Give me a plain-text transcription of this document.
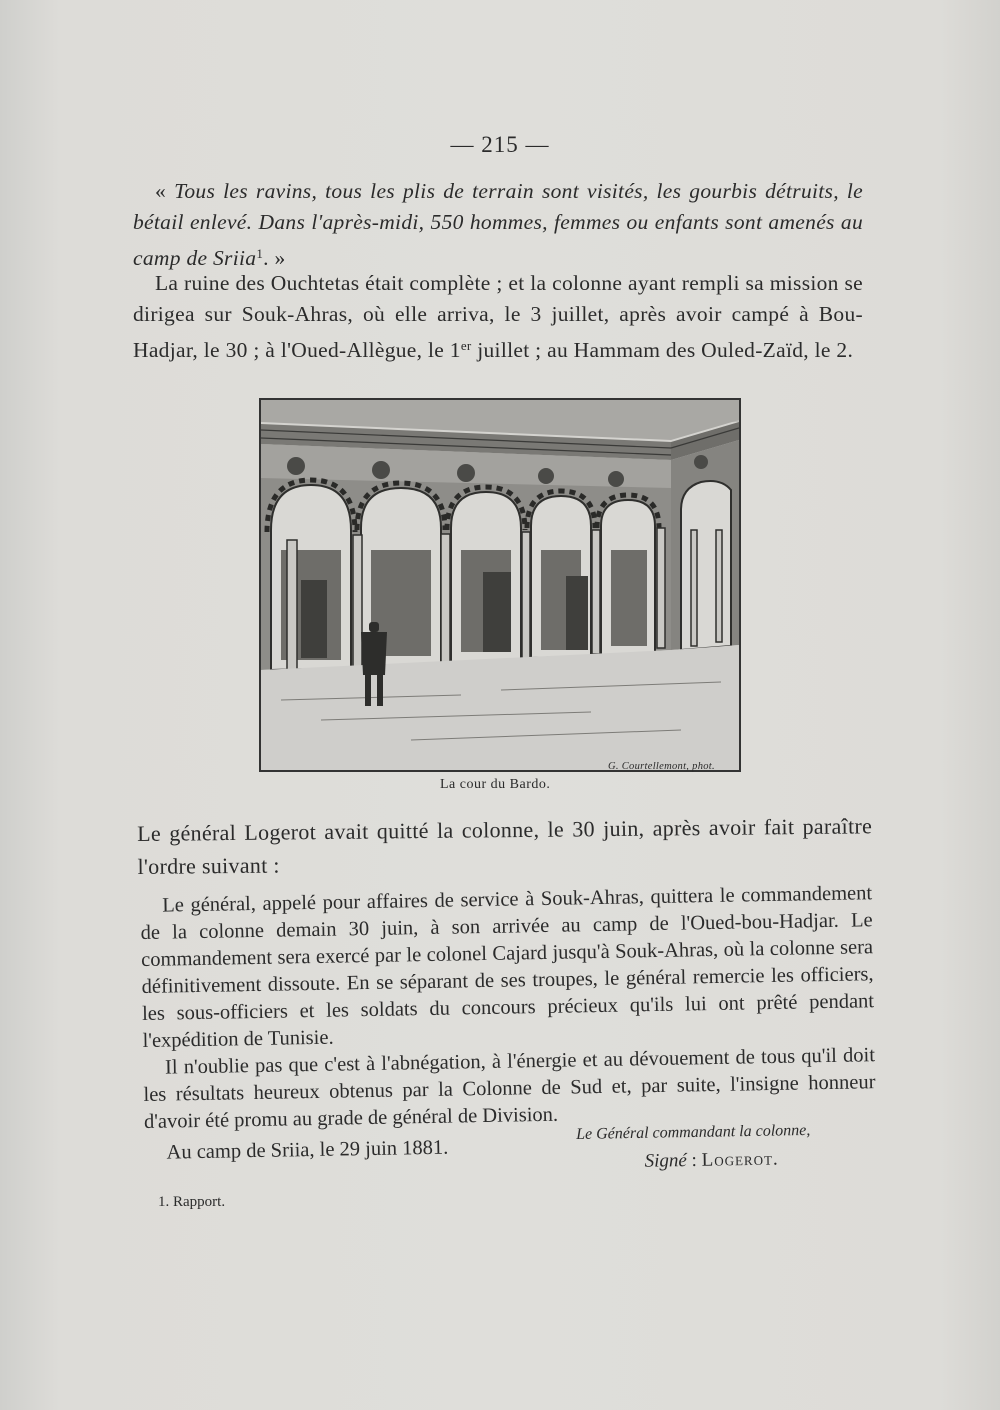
— 215 —
« Tous les ravins, tous les plis de terrain sont visités, les gourbis détruits, le bétail enlevé. Dans l'après-midi, 550 hommes, femmes ou enfants sont amenés au camp de Sriia$^1$. »
La ruine des Ouchtetas était complète ; et la colonne ayant rempli sa mission se dirigea sur Souk-Ahras, où elle arriva, le 3 juillet, après avoir campé à Bou-Hadjar, le 30 ; à l'Oued-Allègue, le 1er juillet ; au Hammam des Ouled-Zaïd, le 2.
G. Courtellemont, phot.
La cour du Bardo.
Le général Logerot avait quitté la colonne, le 30 juin, après avoir fait paraître l'ordre suivant :

Le général, appelé pour affaires de service à Souk-Ahras, quittera le commandement de la colonne demain 30 juin, à son arrivée au camp de l'Oued-bou-Hadjar. Le commandement sera exercé par le colonel Cajard jusqu'à Souk-Ahras, où la colonne sera définitivement dissoute. En se séparant de ses troupes, le général remercie les officiers, les sous-officiers et les soldats du concours précieux qu'ils lui ont prêté pendant l'expédition de Tunisie.

Il n'oublie pas que c'est à l'abnégation, à l'énergie et au dévouement de tous qu'il doit les résultats heureux obtenus par la Colonne de Sud et, par suite, l'insigne honneur d'avoir été promu au grade de général de Division.

Au camp de Sriia, le 29 juin 1881.

Le Général commandant la colonne,
Signé : Logerot.
1. Rapport.
